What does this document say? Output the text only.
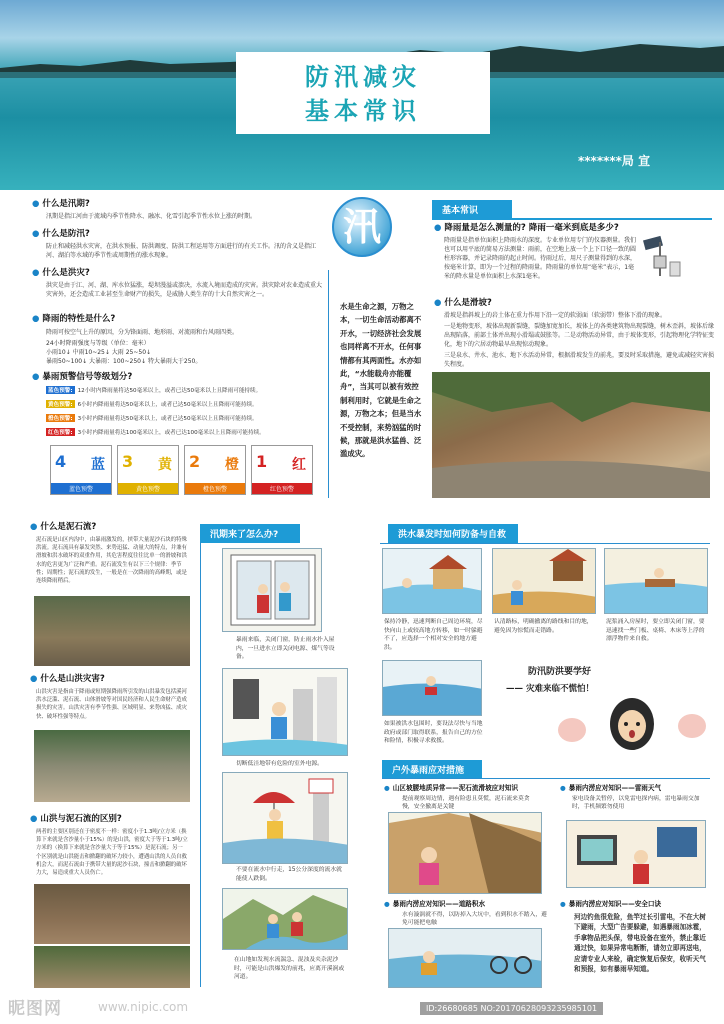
防汛减灾
基本常识
*******局 宣
● 什么是汛期?
汛期是指江河由于流域内季节性降水、融冰、化雪引起季节性水位上涨的时期。
● 什么是防汛?
防止和减轻洪水灾害，在洪水预报、防洪调度、防洪工程运用等方面进行的有关工作。汛的含义是指江河、湖泊等水域的季节性或周期性的涨水现象。
● 什么是洪灾?
洪灾是由于江、河、湖、库水位猛涨，堤坝漫溢或溃决，水流入境而造成的灾害。洪灾除对农业造成重大灾害外，还会造成工业甚至生命财产的损失，是威胁人类生存的十大自然灾害之一。
● 降雨的特性是什么?
降雨可按空气上升的原因，分为锋面雨、地形雨、对流雨和台风雨四类。
24小时降雨强度与等级（单位：毫米）
小雨10↓ 中雨10~25↓ 大雨 25~50↓
暴雨50~100↓ 大暴雨：100~250↓ 特大暴雨大于250。
● 暴雨预警信号等级划分?
蓝色预警: 12小时内降雨量将达50毫米以上，或者已达50毫米以上且降雨可能持续。
黄色预警: 6小时内降雨量将达50毫米以上，或者已达50毫米以上且降雨可能持续。
橙色预警: 3小时内降雨量将达50毫米以上，或者已达50毫米以上且降雨可能持续。
红色预警: 3小时内降雨量将达100毫米以上，或者已达100毫米以上且降雨可能持续。
4 蓝
蓝色预警
3 黄
黄色预警
2 橙
橙色预警
1 红
红色预警
汛
水是生命之源，万物之本，一切生命活动都离不开水，一切经济社会发展也同样离不开水，任何事情都有其两面性。水亦如此，“水能载舟亦能覆舟”，当其可以被有效控制利用时，它就是生命之源，万物之本；但是当水不受控制，来势汹猛的时候，那就是洪水猛兽、泛滥成灾。
基本常识
● 降雨量是怎么测量的? 降雨一毫米到底是多少?
降雨量是指单位面积上降雨水的深度。专业单位用专门的仪器测量。我们也可以用平底的简易方法测量：雨前，在空地上放一个上下口径一致的圆柱形容器，并记录降雨的起止时间。待雨过后，用尺子测量得到的水深，按毫米计算，即为一个过程的降雨量。降雨量的单位用“毫米”表示，1毫米的降水量是单位面积上水深1毫米。
● 什么是滑坡?
滑坡是指斜坡上的岩土体在重力作用下沿一定的软弱面（软弱带）整体下滑的现象。
一是地物变形，坡体出现新裂缝，裂缝加宽加长，坡体上的各类建筑物出现裂缝，树木歪斜，坡体后缘出现陷落，前部土体并出现小滑塌或鼓胀等。二是动物活动异常，由于坡体变形，引起物理化学特征变化，地下的穴居动物最早出现惊动现象。
三是泉水、井水、池水、地下水活动异常，根据滑坡发生的前兆，要及时采取措施，避免或减轻灾害损失程度。
● 什么是泥石流?
泥石流是山区内沟中，由暴雨激发的，挟带大量泥沙石块的特殊洪流。泥石流具有暴发突然、来势迅猛、动量大的特点，并兼有滑坡和洪水破坏的双重作用，其危害程度往往比单一的滑坡和洪水的危害更为广泛和严重。泥石流发生有以下三个规律：季节性；周期性；泥石流的发生，一般是在一次降雨的高峰期，或是连续降雨稍后。
● 什么是山洪灾害?
山洪灾害是指由于降雨或短期强降雨所引发的山洪暴发包括溪河洪水泛滥、泥石流、山体滑坡等对国民经济和人民生命财产造成损失的灾害。山洪灾害有季节性强、区域明显、来势凶猛、成灾快、破坏性强等特点。
● 山洪与泥石流的区别?
两者的主要区别还在于密度不一样：密度小于1.3吨/立方米（换算下来就是含沙量小于15%）的是山洪，密度大于等于1.3吨/立方米的（换算下来就是含沙量大于等于15%）是泥石流；另一个区别就是山洪能击和掀翻的破坏力较小，遭遇山洪的人员自救机会大，而泥石流由于携带大量的泥沙石块，撞击和掀翻的破坏力大，易造成重大人员伤亡。
汛期来了怎么办?
暴雨来临，关闭门窗，防止雨水扑入屋内，一旦进水立即关闭电源、煤气等设备。
切断低洼地带有危险的室外电源。
不要在流水中行走，15公分深度的流水就能使人跌倒。
在山地如发现水流湍急、混浊及夹杂泥沙时，可能是山洪爆发的前兆，应离开溪涧或河道。
洪水暴发时如何防备与自救
保持冷静，迅速判断自己周边环境，尽快向山上或较高地方转移，如一时躲避不了，应选择一个相对安全的地方避洪。
认清路标，明确撤离的路线和目的地，避免因为惊慌而走错路。
泥浆涌入房屋时，要立即关闭门窗，要迅速找一些门板、桌椅、木床等上浮的漂浮物件来自救。
如果被洪水包围时，要设法尽快与当地政府或部门取得联系，报告自己的方位和险情，积极寻求救援。
防汛防洪要学好
—— 灾难来临不慌怕！
户外暴雨应对措施
● 山区坡腰地质异常——泥石流滑坡应对知识
提前观察周边情，遇有险患且莫慌，泥石流来莫贪慢，安全撤离是关键
● 暴雨内涝应对知识——雷雨天气
家电设备关暂停，以免雷电探内病，雷电暴雨交加时，手机频繁勿使用
● 暴雨内涝应对知识——道路积水
水有漩涡就不得，以防掉入大坑中，看到积水不踏入，避免可能把电触
● 暴雨内涝应对知识——安全口诀
河边钓鱼很危险，鱼竿过长引雷电，不在大树下避雨，大型广告要躲避，如遇暴雨加冰雹，手拿物品把头保，带电设备在室外，禁止靠近通过快，如果异常电断断，请勿立即再送电，应请专业人来检，确定恢复后保安，收听天气和预报，如有暴雨早知道。
昵图网	www.nipic.com	ID:26680685 NO:20170628093235985101
